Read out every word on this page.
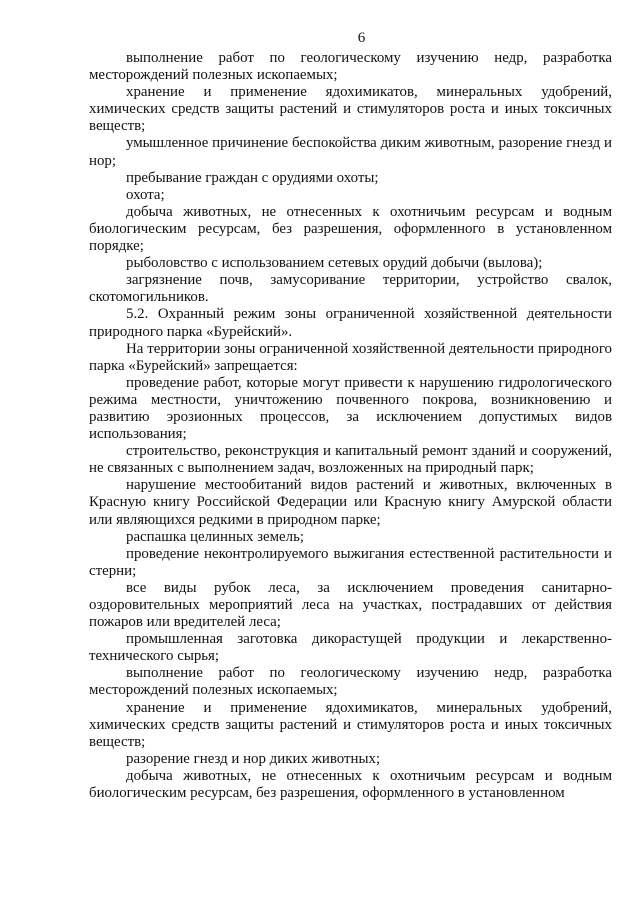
6

выполнение работ по геологическому изучению недр, разработка месторождений полезных ископаемых;

хранение и применение ядохимикатов, минеральных удобрений, химических средств защиты растений и стимуляторов роста и иных токсичных веществ;

умышленное причинение беспокойства диким животным, разорение гнезд и нор;

пребывание граждан с орудиями охоты;

охота;

добыча животных, не отнесенных к охотничьим ресурсам и водным биологическим ресурсам, без разрешения, оформленного в установленном порядке;

рыболовство с использованием сетевых орудий добычи (вылова);

загрязнение почв, замусоривание территории, устройство свалок, скотомогильников.

5.2. Охранный режим зоны ограниченной хозяйственной деятельности природного парка «Бурейский».

На территории зоны ограниченной хозяйственной деятельности природного парка «Бурейский» запрещается:

проведение работ, которые могут привести к нарушению гидрологического режима местности, уничтожению почвенного покрова, возникновению и развитию эрозионных процессов, за исключением допустимых видов использования;

строительство, реконструкция и капитальный ремонт зданий и сооружений, не связанных с выполнением задач, возложенных на природный парк;

нарушение местообитаний видов растений и животных, включенных в Красную книгу Российской Федерации или Красную книгу Амурской области или являющихся редкими в природном парке;

распашка целинных земель;

проведение неконтролируемого выжигания естественной растительности и стерни;

все виды рубок леса, за исключением проведения санитарно-оздоровительных мероприятий леса на участках, пострадавших от действия пожаров или вредителей леса;

промышленная заготовка дикорастущей продукции и лекарственно-технического сырья;

выполнение работ по геологическому изучению недр, разработка месторождений полезных ископаемых;

хранение и применение ядохимикатов, минеральных удобрений, химических средств защиты растений и стимуляторов роста и иных токсичных веществ;

разорение гнезд и нор диких животных;

добыча животных, не отнесенных к охотничьим ресурсам и водным биологическим ресурсам, без разрешения, оформленного в установленном
